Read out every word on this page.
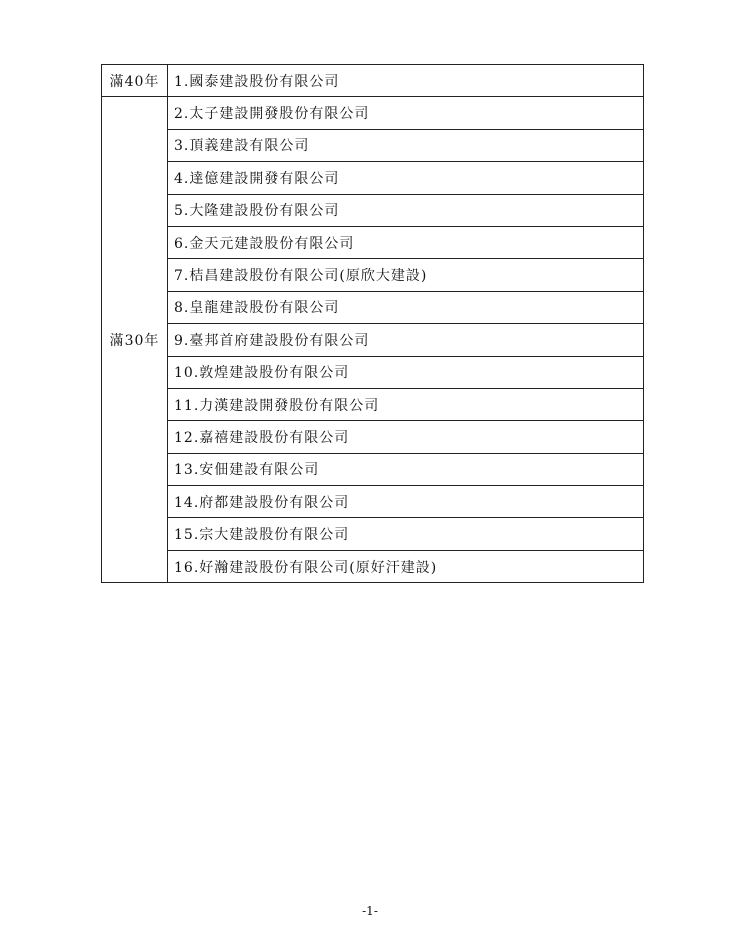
滿40年	1.國泰建設股份有限公司
滿30年	2.太子建設開發股份有限公司
	3.頂義建設有限公司
	4.達億建設開發有限公司
	5.大隆建設股份有限公司
	6.金天元建設股份有限公司
	7.桔昌建設股份有限公司(原欣大建設)
	8.皇龍建設股份有限公司
	9.臺邦首府建設股份有限公司
	10.敦煌建設股份有限公司
	11.力漢建設開發股份有限公司
	12.嘉禧建設股份有限公司
	13.安佃建設有限公司
	14.府都建設股份有限公司
	15.宗大建設股份有限公司
	16.好瀚建設股份有限公司(原好汗建設)
-1-
